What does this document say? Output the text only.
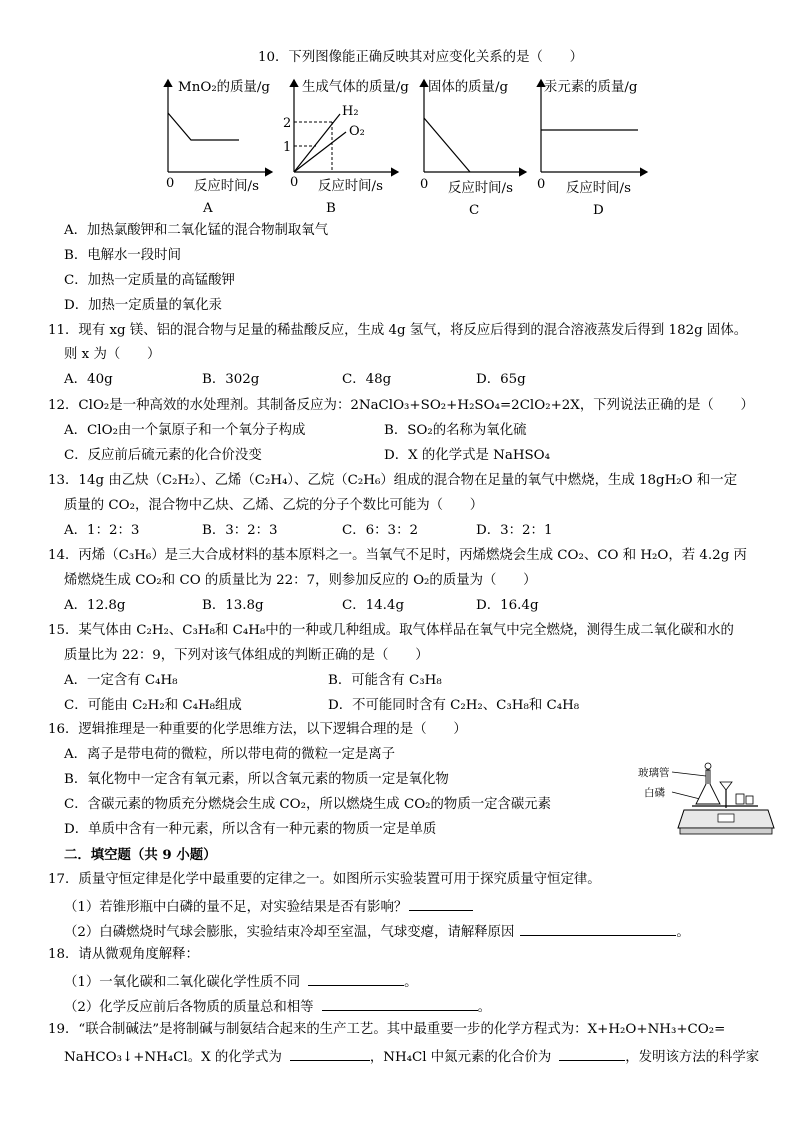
10．下列图像能正确反映其对应变化关系的是（　　）
MnO₂的质量/g
0 反应时间/s
A
2
1
H₂
O₂
生成气体的质量/g
0 反应时间/s
B
固体的质量/g
0 反应时间/s
C
汞元素的质量/g
0 反应时间/s
D
A．加热氯酸钾和二氧化锰的混合物制取氧气
B．电解水一段时间
C．加热一定质量的高锰酸钾
D．加热一定质量的氧化汞
11．现有 xg 镁、铝的混合物与足量的稀盐酸反应，生成 4g 氢气，将反应后得到的混合溶液蒸发后得到 182g 固体。
则 x 为（　　）
A．40g	B．302g	C．48g	D．65g
12．ClO₂是一种高效的水处理剂。其制备反应为：2NaClO₃+SO₂+H₂SO₄=2ClO₂+2X，下列说法正确的是（　　）
A．ClO₂由一个氯原子和一个氧分子构成	B．SO₂的名称为氧化硫
C．反应前后硫元素的化合价没变	D．X 的化学式是 NaHSO₄
13．14g 由乙炔（C₂H₂）、乙烯（C₂H₄）、乙烷（C₂H₆）组成的混合物在足量的氧气中燃烧，生成 18gH₂O 和一定
质量的 CO₂，混合物中乙炔、乙烯、乙烷的分子个数比可能为（　　）
A．1：2：3	B．3：2：3	C．6：3：2	D．3：2：1
14．丙烯（C₃H₆）是三大合成材料的基本原料之一。当氧气不足时，丙烯燃烧会生成 CO₂、CO 和 H₂O，若 4.2g 丙
烯燃烧生成 CO₂和 CO 的质量比为 22：7，则参加反应的 O₂的质量为（　　）
A．12.8g	B．13.8g	C．14.4g	D．16.4g
15．某气体由 C₂H₂、C₃H₈和 C₄H₈中的一种或几种组成。取气体样品在氧气中完全燃烧，测得生成二氧化碳和水的
质量比为 22：9，下列对该气体组成的判断正确的是（　　）
A．一定含有 C₄H₈	B．可能含有 C₃H₈
C．可能由 C₂H₂和 C₄H₈组成	D．不可能同时含有 C₂H₂、C₃H₈和 C₄H₈
16．逻辑推理是一种重要的化学思维方法，以下逻辑合理的是（　　）
A．离子是带电荷的微粒，所以带电荷的微粒一定是离子
B．氧化物中一定含有氧元素，所以含氧元素的物质一定是氧化物
C．含碳元素的物质充分燃烧会生成 CO₂，所以燃烧生成 CO₂的物质一定含碳元素
D．单质中含有一种元素，所以含有一种元素的物质一定是单质
玻璃管
白磷
二．填空题（共 9 小题）
17．质量守恒定律是化学中最重要的定律之一。如图所示实验装置可用于探究质量守恒定律。
（1）若锥形瓶中白磷的量不足，对实验结果是否有影响？
（2）白磷燃烧时气球会膨胀，实验结束冷却至室温，气球变瘪，请解释原因	。
18．请从微观角度解释：
（1）一氧化碳和二氧化碳化学性质不同	。
（2）化学反应前后各物质的质量总和相等	。
19．“联合制碱法”是将制碱与制氨结合起来的生产工艺。其中最重要一步的化学方程式为：X+H₂O+NH₃+CO₂=
NaHCO₃↓+NH₄Cl。X 的化学式为	，NH₄Cl 中氮元素的化合价为	，发明该方法的科学家
